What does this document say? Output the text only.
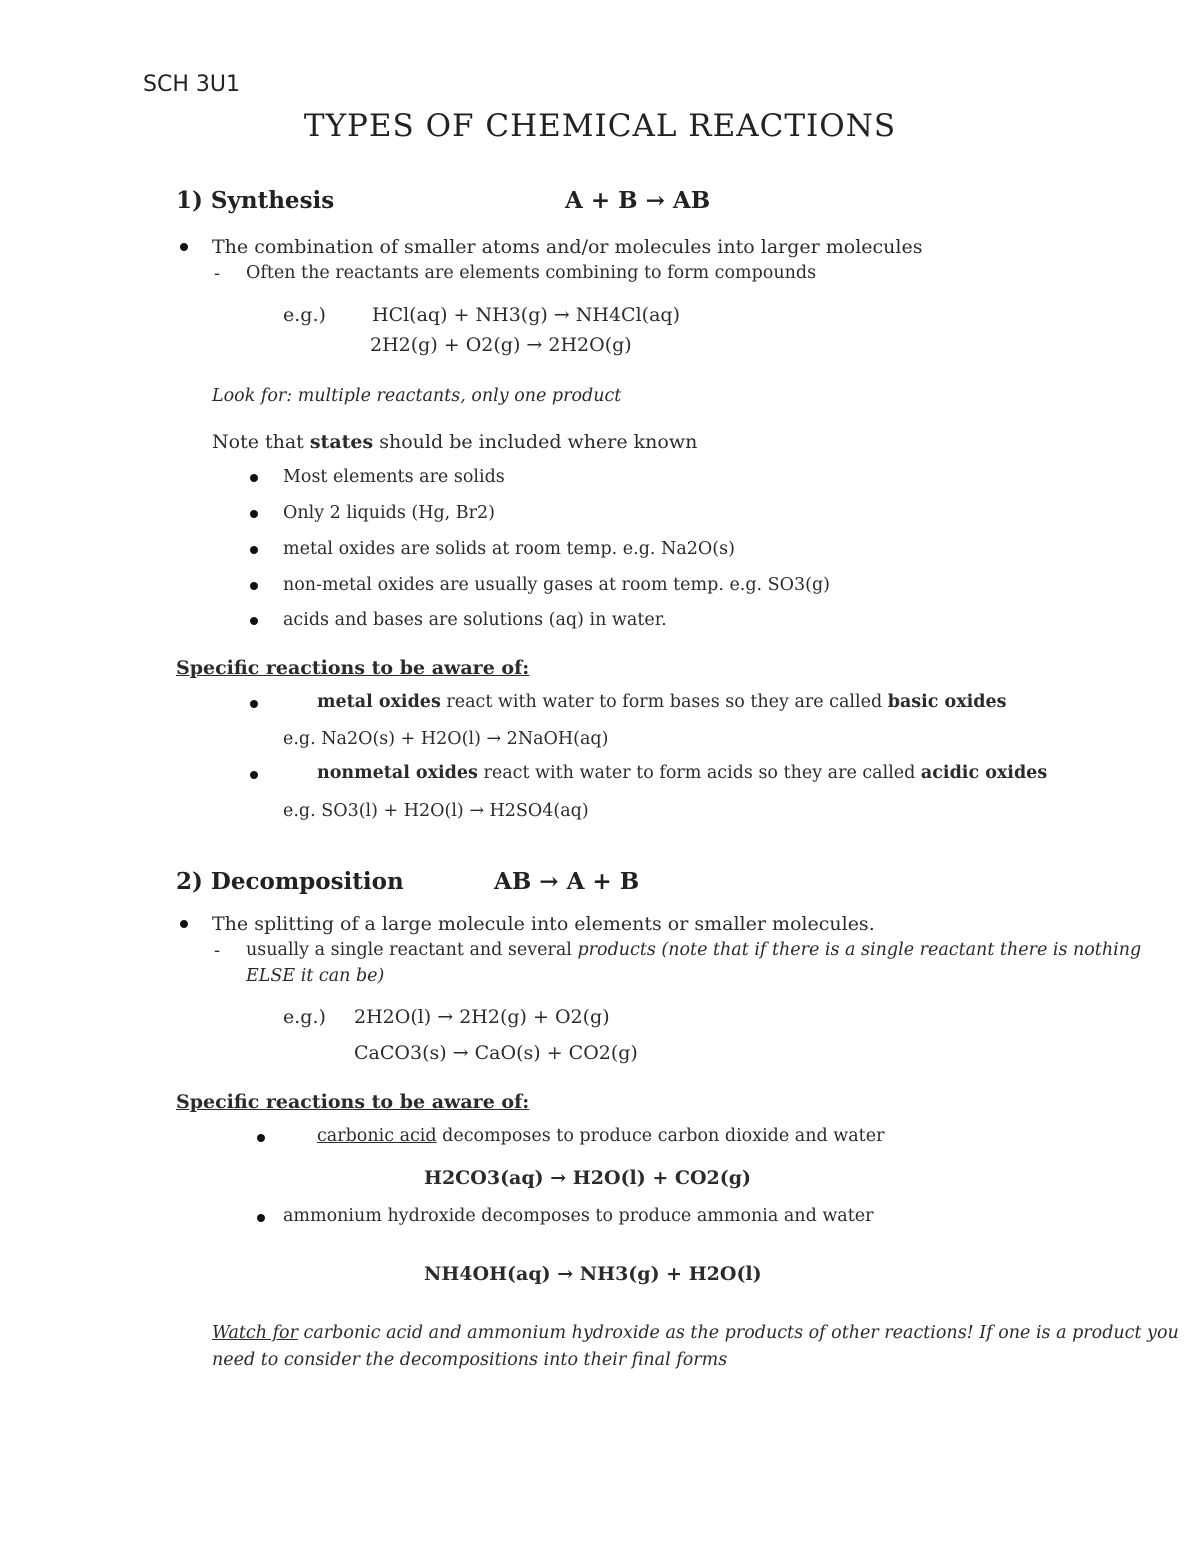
SCH 3U1
TYPES OF CHEMICAL REACTIONS
1) Synthesis	A + B → AB
The combination of smaller atoms and/or molecules into larger molecules
- Often the reactants are elements combining to form compounds
e.g.) HCl(aq) + NH3(g) → NH4Cl(aq)
2H2(g) + O2(g) → 2H2O(g)
Look for: multiple reactants, only one product
Note that states should be included where known
Most elements are solids
Only 2 liquids (Hg, Br2)
metal oxides are solids at room temp. e.g. Na2O(s)
non-metal oxides are usually gases at room temp. e.g. SO3(g)
acids and bases are solutions (aq) in water.
Specific reactions to be aware of:
metal oxides react with water to form bases so they are called basic oxides
e.g. Na2O(s) + H2O(l) → 2NaOH(aq)
nonmetal oxides react with water to form acids so they are called acidic oxides
e.g. SO3(l) + H2O(l) → H2SO4(aq)
2) Decomposition	AB → A + B
The splitting of a large molecule into elements or smaller molecules.
- usually a single reactant and several products (note that if there is a single reactant there is nothing
ELSE it can be)
e.g.) 2H2O(l) → 2H2(g) + O2(g)
CaCO3(s) → CaO(s) + CO2(g)
Specific reactions to be aware of:
carbonic acid decomposes to produce carbon dioxide and water
H2CO3(aq) → H2O(l) + CO2(g)
ammonium hydroxide decomposes to produce ammonia and water
NH4OH(aq) → NH3(g) + H2O(l)
Watch for carbonic acid and ammonium hydroxide as the products of other reactions! If one is a product you
need to consider the decompositions into their final forms
